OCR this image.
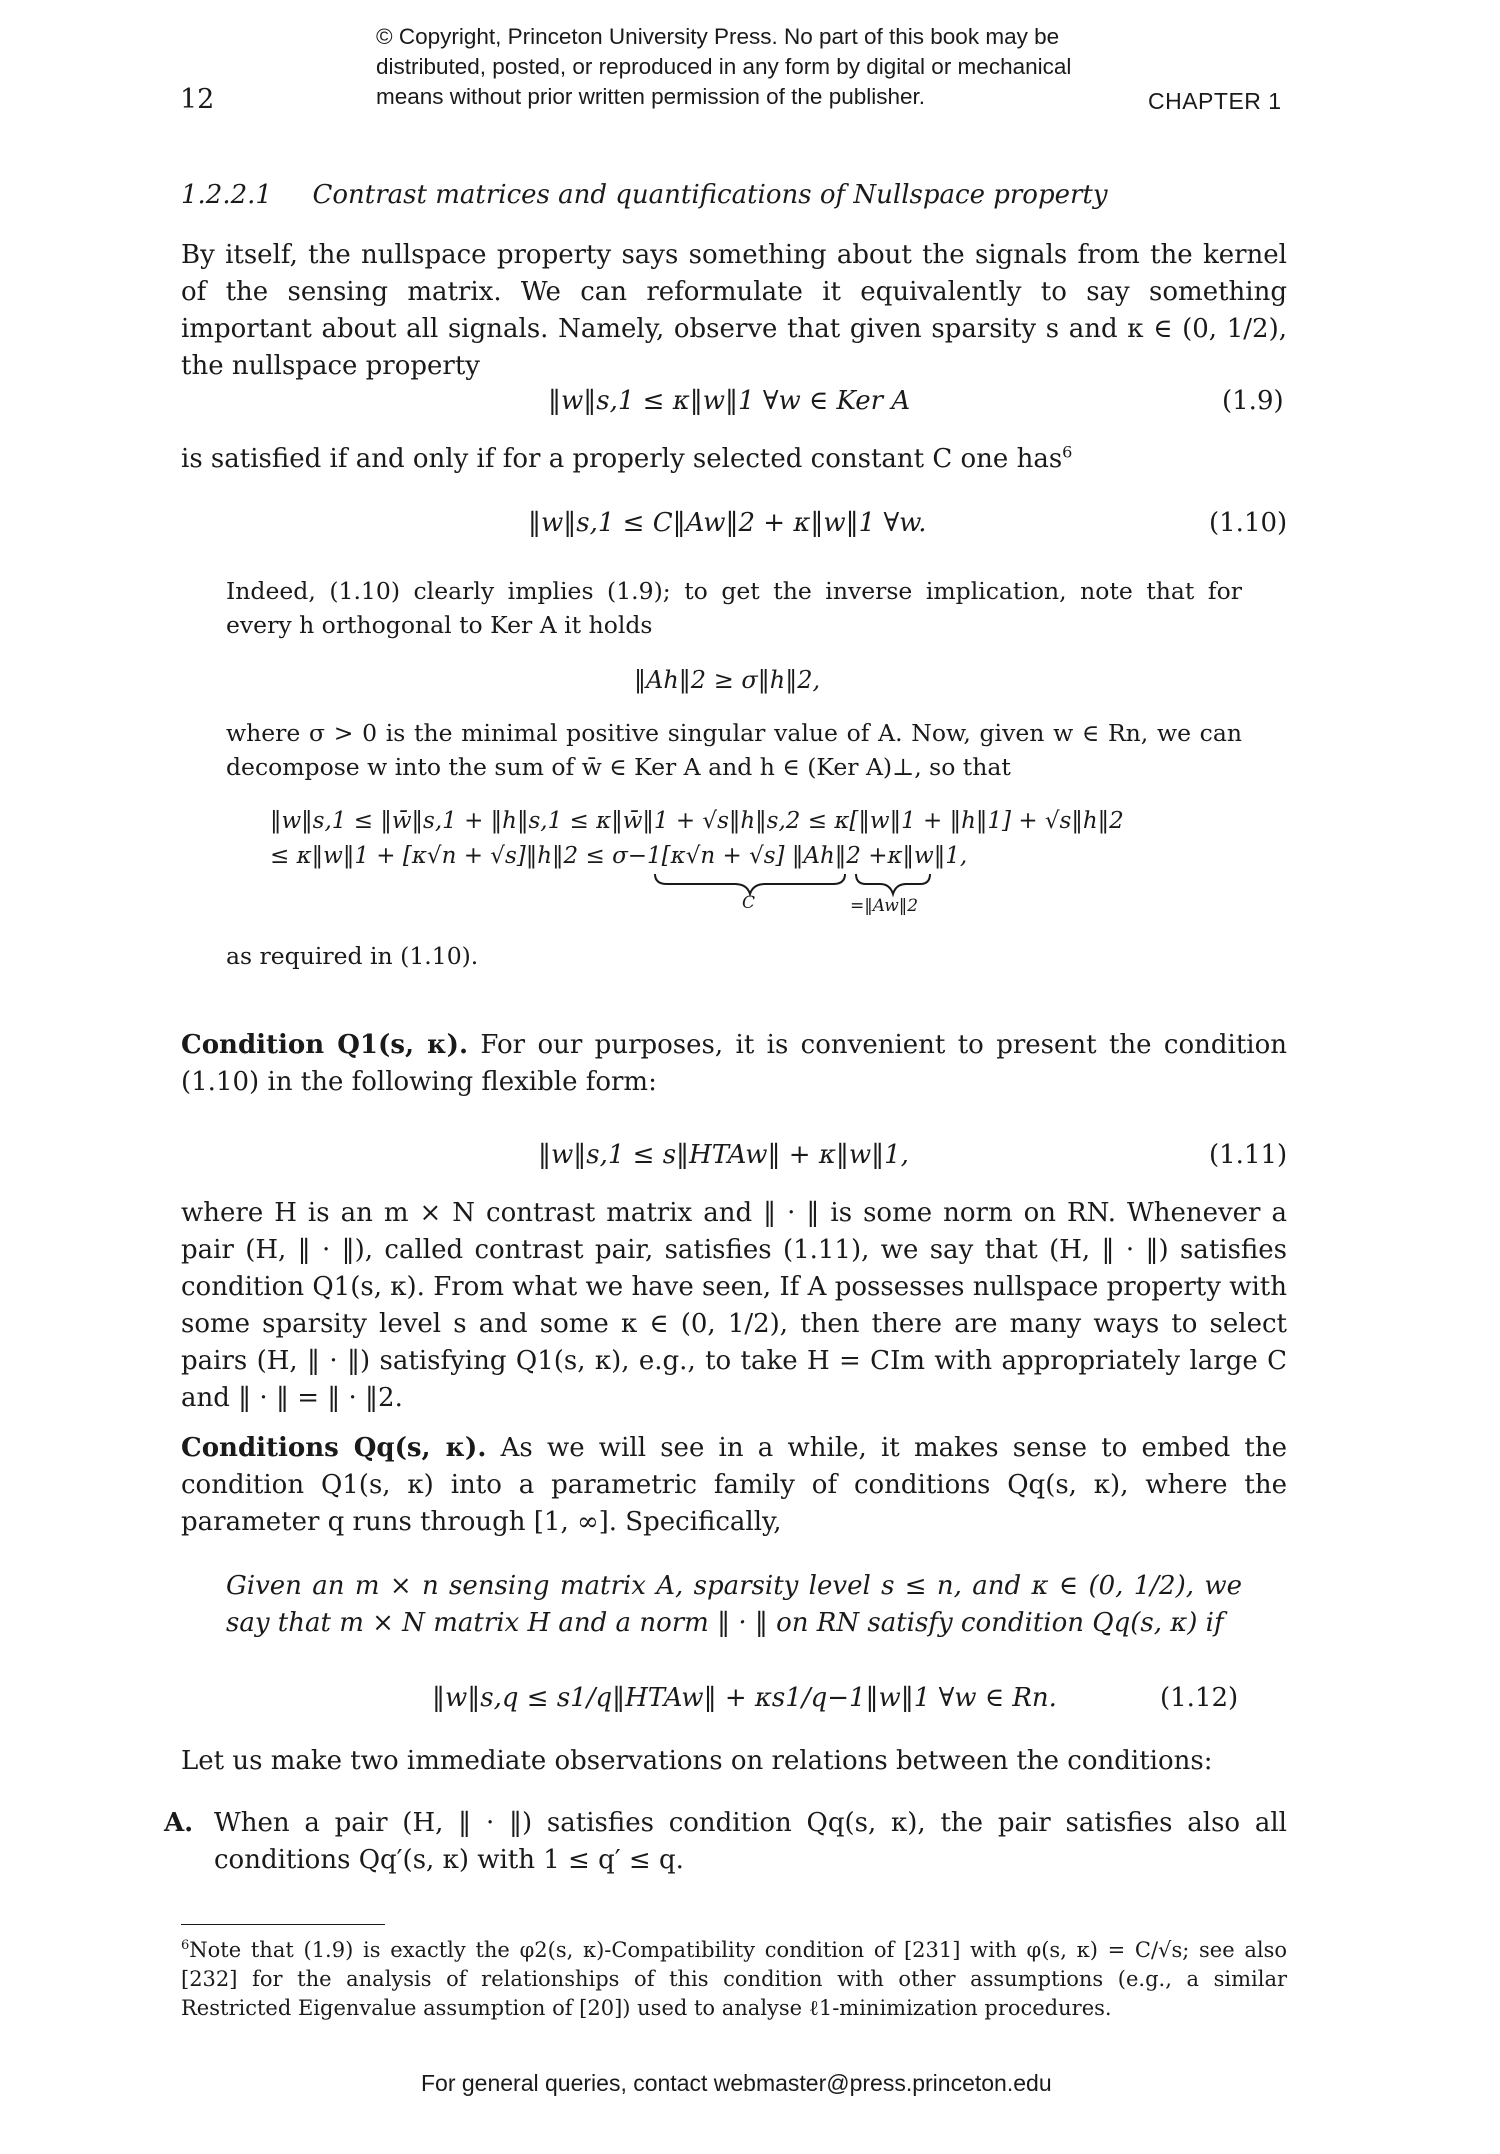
© Copyright, Princeton University Press. No part of this book may be
distributed, posted, or reproduced in any form by digital or mechanical
means without prior written permission of the publisher.
12	CHAPTER 1
1.2.2.1 Contrast matrices and quantifications of Nullspace property
By itself, the nullspace property says something about the signals from the kernel of the sensing matrix. We can reformulate it equivalently to say something important about all signals. Namely, observe that given sparsity s and κ ∈ (0, 1/2), the nullspace property
‖w‖s,1 ≤ κ‖w‖1 ∀w ∈ Ker A	(1.9)
is satisfied if and only if for a properly selected constant C one has$^6$
‖w‖s,1 ≤ C‖Aw‖2 + κ‖w‖1 ∀w.	(1.10)
Indeed, (1.10) clearly implies (1.9); to get the inverse implication, note that for every h orthogonal to Ker A it holds
‖Ah‖2 ≥ σ‖h‖2,
where σ > 0 is the minimal positive singular value of A. Now, given w ∈ Rn, we can decompose w into the sum of w̄ ∈ Ker A and h ∈ (Ker A)⊥, so that
‖w‖s,1 ≤ ‖w̄‖s,1 + ‖h‖s,1 ≤ κ‖w̄‖1 + √s‖h‖s,2 ≤ κ[‖w‖1 + ‖h‖1] + √s‖h‖2
≤ κ‖w‖1 + [κ√n + √s]‖h‖2 ≤ σ−1[κ√n + √s] ‖Ah‖2 +κ‖w‖1,
C	=‖Aw‖2
as required in (1.10).
Condition Q1(s, κ). For our purposes, it is convenient to present the condition (1.10) in the following flexible form:
‖w‖s,1 ≤ s‖HTAw‖ + κ‖w‖1,	(1.11)
where H is an m × N contrast matrix and ‖ · ‖ is some norm on RN. Whenever a pair (H, ‖ · ‖), called contrast pair, satisfies (1.11), we say that (H, ‖ · ‖) satisfies condition Q1(s, κ). From what we have seen, If A possesses nullspace property with some sparsity level s and some κ ∈ (0, 1/2), then there are many ways to select pairs (H, ‖ · ‖) satisfying Q1(s, κ), e.g., to take H = CIm with appropriately large C and ‖ · ‖ = ‖ · ‖2.
Conditions Qq(s, κ). As we will see in a while, it makes sense to embed the condition Q1(s, κ) into a parametric family of conditions Qq(s, κ), where the parameter q runs through [1, ∞]. Specifically,
Given an m × n sensing matrix A, sparsity level s ≤ n, and κ ∈ (0, 1/2), we say that m × N matrix H and a norm ‖ · ‖ on RN satisfy condition Qq(s, κ) if
‖w‖s,q ≤ s1/q‖HTAw‖ + κs1/q−1‖w‖1 ∀w ∈ Rn.	(1.12)
Let us make two immediate observations on relations between the conditions:
A. When a pair (H, ‖ · ‖) satisfies condition Qq(s, κ), the pair satisfies also all conditions Qq′(s, κ) with 1 ≤ q′ ≤ q.
$^6$Note that (1.9) is exactly the φ2(s, κ)-Compatibility condition of [231] with φ(s, κ) = C/√s; see also [232] for the analysis of relationships of this condition with other assumptions (e.g., a similar Restricted Eigenvalue assumption of [20]) used to analyse ℓ1-minimization procedures.
For general queries, contact webmaster@press.princeton.edu
